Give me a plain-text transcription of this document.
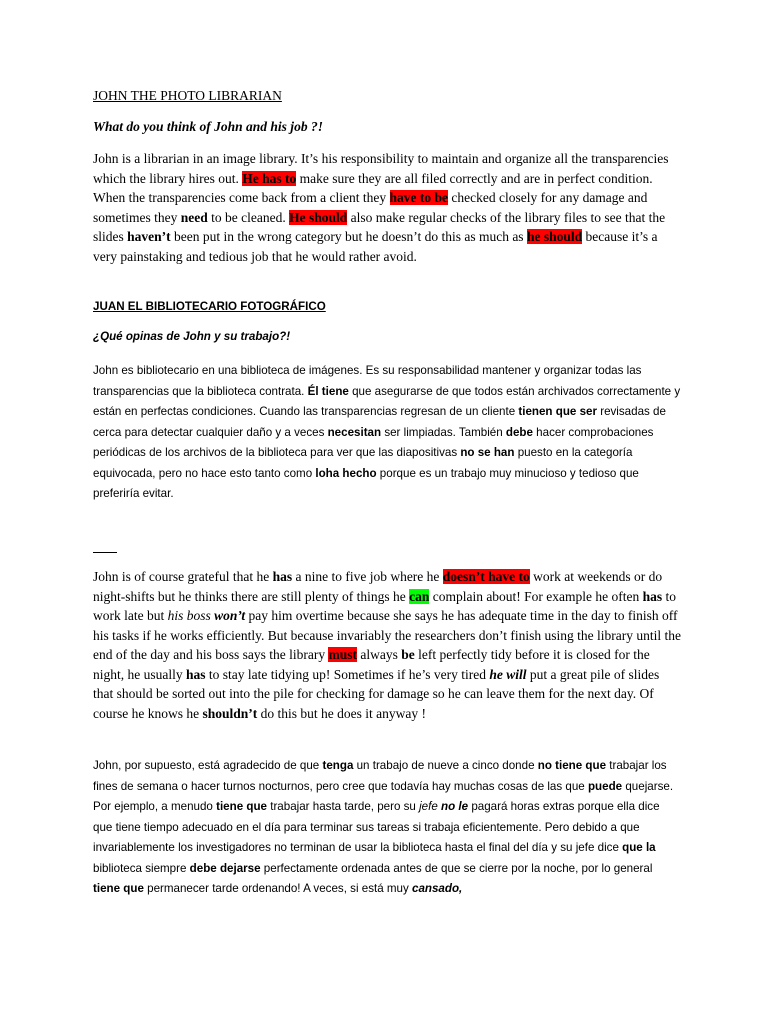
JOHN THE PHOTO LIBRARIAN
What do you think of John and his job ?!

John is a librarian in an image library. It’s his responsibility to maintain and organize all the transparencies which the library hires out. He has to make sure they are all filed correctly and are in perfect condition. When the transparencies come back from a client they have to be checked closely for any damage and sometimes they need to be cleaned. He should also make regular checks of the library files to see that the slides haven’t been put in the wrong category but he doesn’t do this as much as he should because it’s a very painstaking and tedious job that he would rather avoid.

JUAN EL BIBLIOTECARIO FOTOGRÁFICO
¿Qué opinas de John y su trabajo?!

John es bibliotecario en una biblioteca de imágenes. Es su responsabilidad mantener y organizar todas las transparencias que la biblioteca contrata. Él tiene que asegurarse de que todos están archivados correctamente y están en perfectas condiciones. Cuando las transparencias regresan de un cliente tienen que ser revisadas de cerca para detectar cualquier daño y a veces necesitan ser limpiadas. También debe hacer comprobaciones periódicas de los archivos de la biblioteca para ver que las diapositivas no se han puesto en la categoría equivocada, pero no hace esto tanto como loha hecho porque es un trabajo muy minucioso y tedioso que preferiría evitar.

John is of course grateful that he has a nine to five job where he doesn’t have to work at weekends or do night-shifts but he thinks there are still plenty of things he can complain about! For example he often has to work late but his boss won’t pay him overtime because she says he has adequate time in the day to finish off his tasks if he works efficiently. But because invariably the researchers don’t finish using the library until the end of the day and his boss says the library must always be left perfectly tidy before it is closed for the night, he usually has to stay late tidying up! Sometimes if he’s very tired he will put a great pile of slides that should be sorted out into the pile for checking for damage so he can leave them for the next day. Of course he knows he shouldn’t do this but he does it anyway !

John, por supuesto, está agradecido de que tenga un trabajo de nueve a cinco donde no tiene que trabajar los fines de semana o hacer turnos nocturnos, pero cree que todavía hay muchas cosas de las que puede quejarse. Por ejemplo, a menudo tiene que trabajar hasta tarde, pero su jefe no le pagará horas extras porque ella dice que tiene tiempo adecuado en el día para terminar sus tareas si trabaja eficientemente. Pero debido a que invariablemente los investigadores no terminan de usar la biblioteca hasta el final del día y su jefe dice que la biblioteca siempre debe dejarse perfectamente ordenada antes de que se cierre por la noche, por lo general tiene que permanecer tarde ordenando! A veces, si está muy cansado,
